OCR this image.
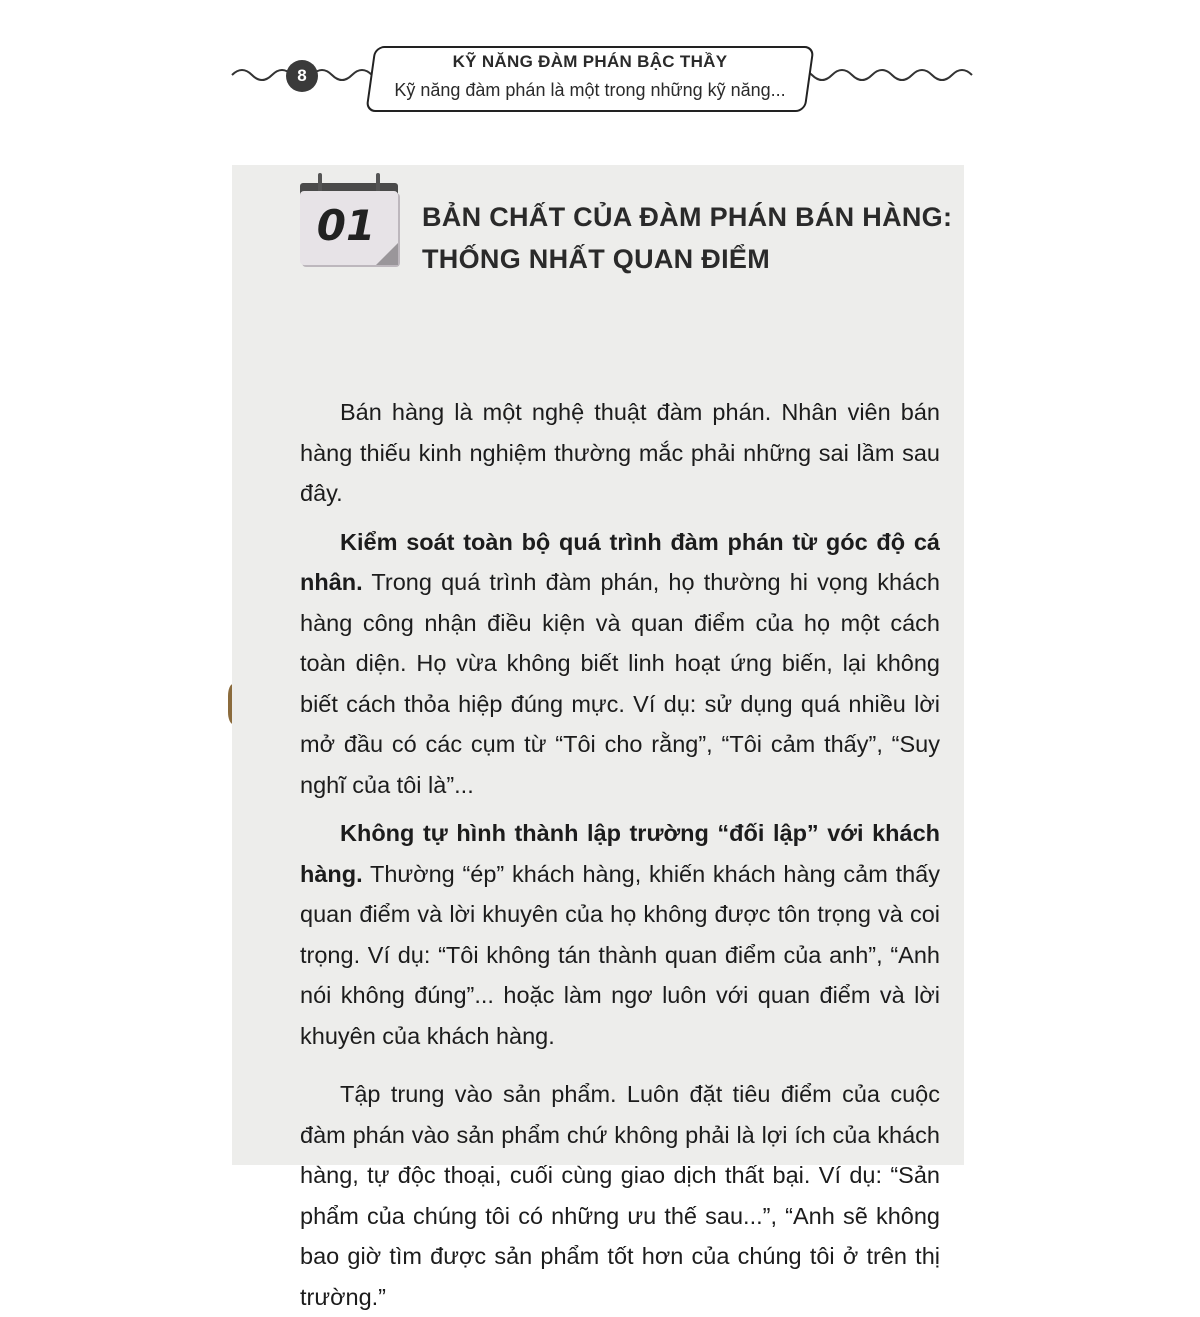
8
KỸ NĂNG ĐÀM PHÁN BẬC THẦY
Kỹ năng đàm phán là một trong những kỹ năng...
01	BẢN CHẤT CỦA ĐÀM PHÁN BÁN HÀNG:
THỐNG NHẤT QUAN ĐIỂM

Bán hàng là một nghệ thuật đàm phán. Nhân viên bán hàng thiếu kinh nghiệm thường mắc phải những sai lầm sau đây.

Kiểm soát toàn bộ quá trình đàm phán từ góc độ cá nhân. Trong quá trình đàm phán, họ thường hi vọng khách hàng công nhận điều kiện và quan điểm của họ một cách toàn diện. Họ vừa không biết linh hoạt ứng biến, lại không biết cách thỏa hiệp đúng mực. Ví dụ: sử dụng quá nhiều lời mở đầu có các cụm từ “Tôi cho rằng”, “Tôi cảm thấy”, “Suy nghĩ của tôi là”...

Không tự hình thành lập trường “đối lập” với khách hàng. Thường “ép” khách hàng, khiến khách hàng cảm thấy quan điểm và lời khuyên của họ không được tôn trọng và coi trọng. Ví dụ: “Tôi không tán thành quan điểm của anh”, “Anh nói không đúng”... hoặc làm ngơ luôn với quan điểm và lời khuyên của khách hàng.

Tập trung vào sản phẩm. Luôn đặt tiêu điểm của cuộc đàm phán vào sản phẩm chứ không phải là lợi ích của khách hàng, tự độc thoại, cuối cùng giao dịch thất bại. Ví dụ: “Sản phẩm của chúng tôi có những ưu thế sau...”, “Anh sẽ không bao giờ tìm được sản phẩm tốt hơn của chúng tôi ở trên thị trường.”
